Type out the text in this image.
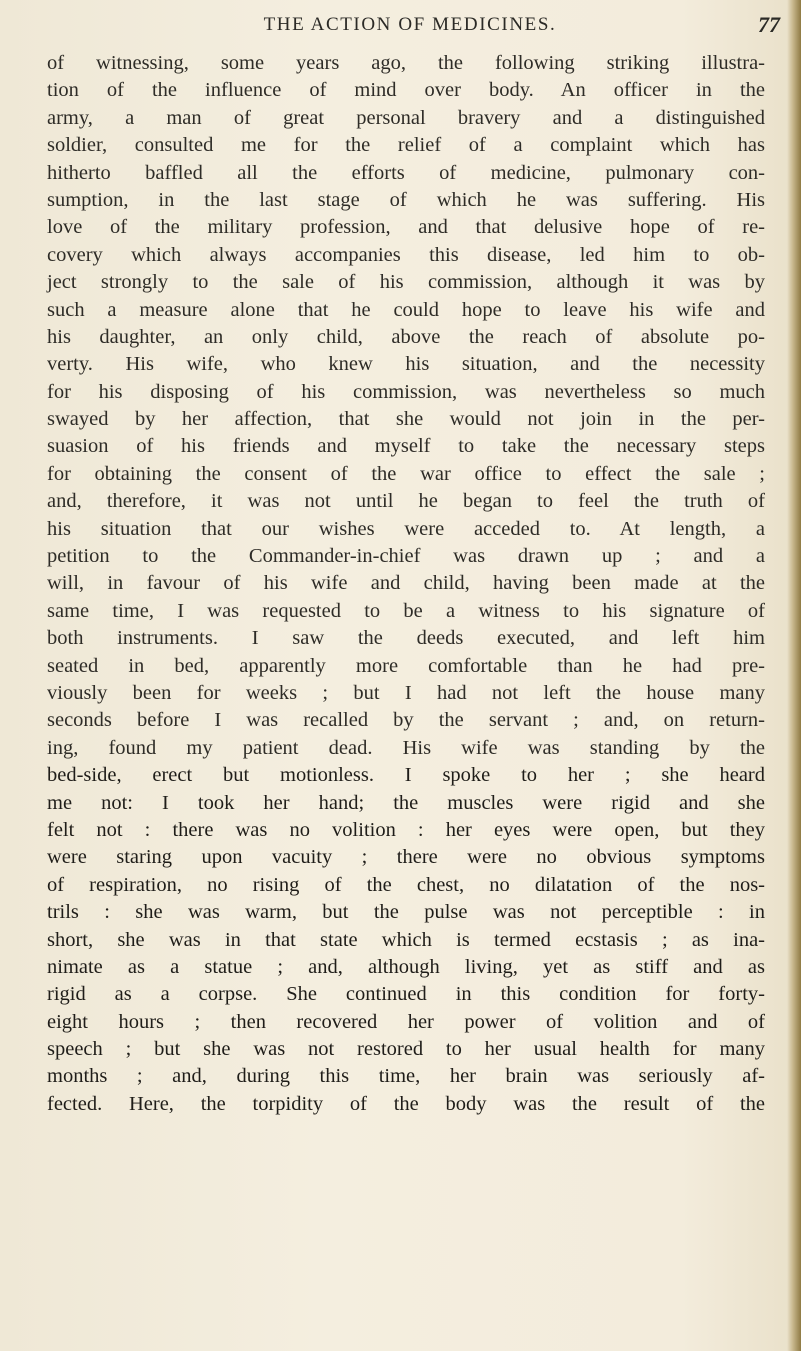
THE ACTION OF MEDICINES.	77
of witnessing, some years ago, the following striking illustra-
tion of the influence of mind over body. An officer in the
army, a man of great personal bravery and a distinguished
soldier, consulted me for the relief of a complaint which has
hitherto baffled all the efforts of medicine, pulmonary con-
sumption, in the last stage of which he was suffering. His
love of the military profession, and that delusive hope of re-
covery which always accompanies this disease, led him to ob-
ject strongly to the sale of his commission, although it was by
such a measure alone that he could hope to leave his wife and
his daughter, an only child, above the reach of absolute po-
verty. His wife, who knew his situation, and the necessity
for his disposing of his commission, was nevertheless so much
swayed by her affection, that she would not join in the per-
suasion of his friends and myself to take the necessary steps
for obtaining the consent of the war office to effect the sale ;
and, therefore, it was not until he began to feel the truth of
his situation that our wishes were acceded to. At length, a
petition to the Commander-in-chief was drawn up ; and a
will, in favour of his wife and child, having been made at the
same time, I was requested to be a witness to his signature of
both instruments. I saw the deeds executed, and left him
seated in bed, apparently more comfortable than he had pre-
viously been for weeks ; but I had not left the house many
seconds before I was recalled by the servant ; and, on return-
ing, found my patient dead. His wife was standing by the
bed-side, erect but motionless. I spoke to her ; she heard
me not: I took her hand; the muscles were rigid and she
felt not : there was no volition : her eyes were open, but they
were staring upon vacuity ; there were no obvious symptoms
of respiration, no rising of the chest, no dilatation of the nos-
trils : she was warm, but the pulse was not perceptible : in
short, she was in that state which is termed ecstasis ; as ina-
nimate as a statue ; and, although living, yet as stiff and as
rigid as a corpse. She continued in this condition for forty-
eight hours ; then recovered her power of volition and of
speech ; but she was not restored to her usual health for many
months ; and, during this time, her brain was seriously af-
fected. Here, the torpidity of the body was the result of the
